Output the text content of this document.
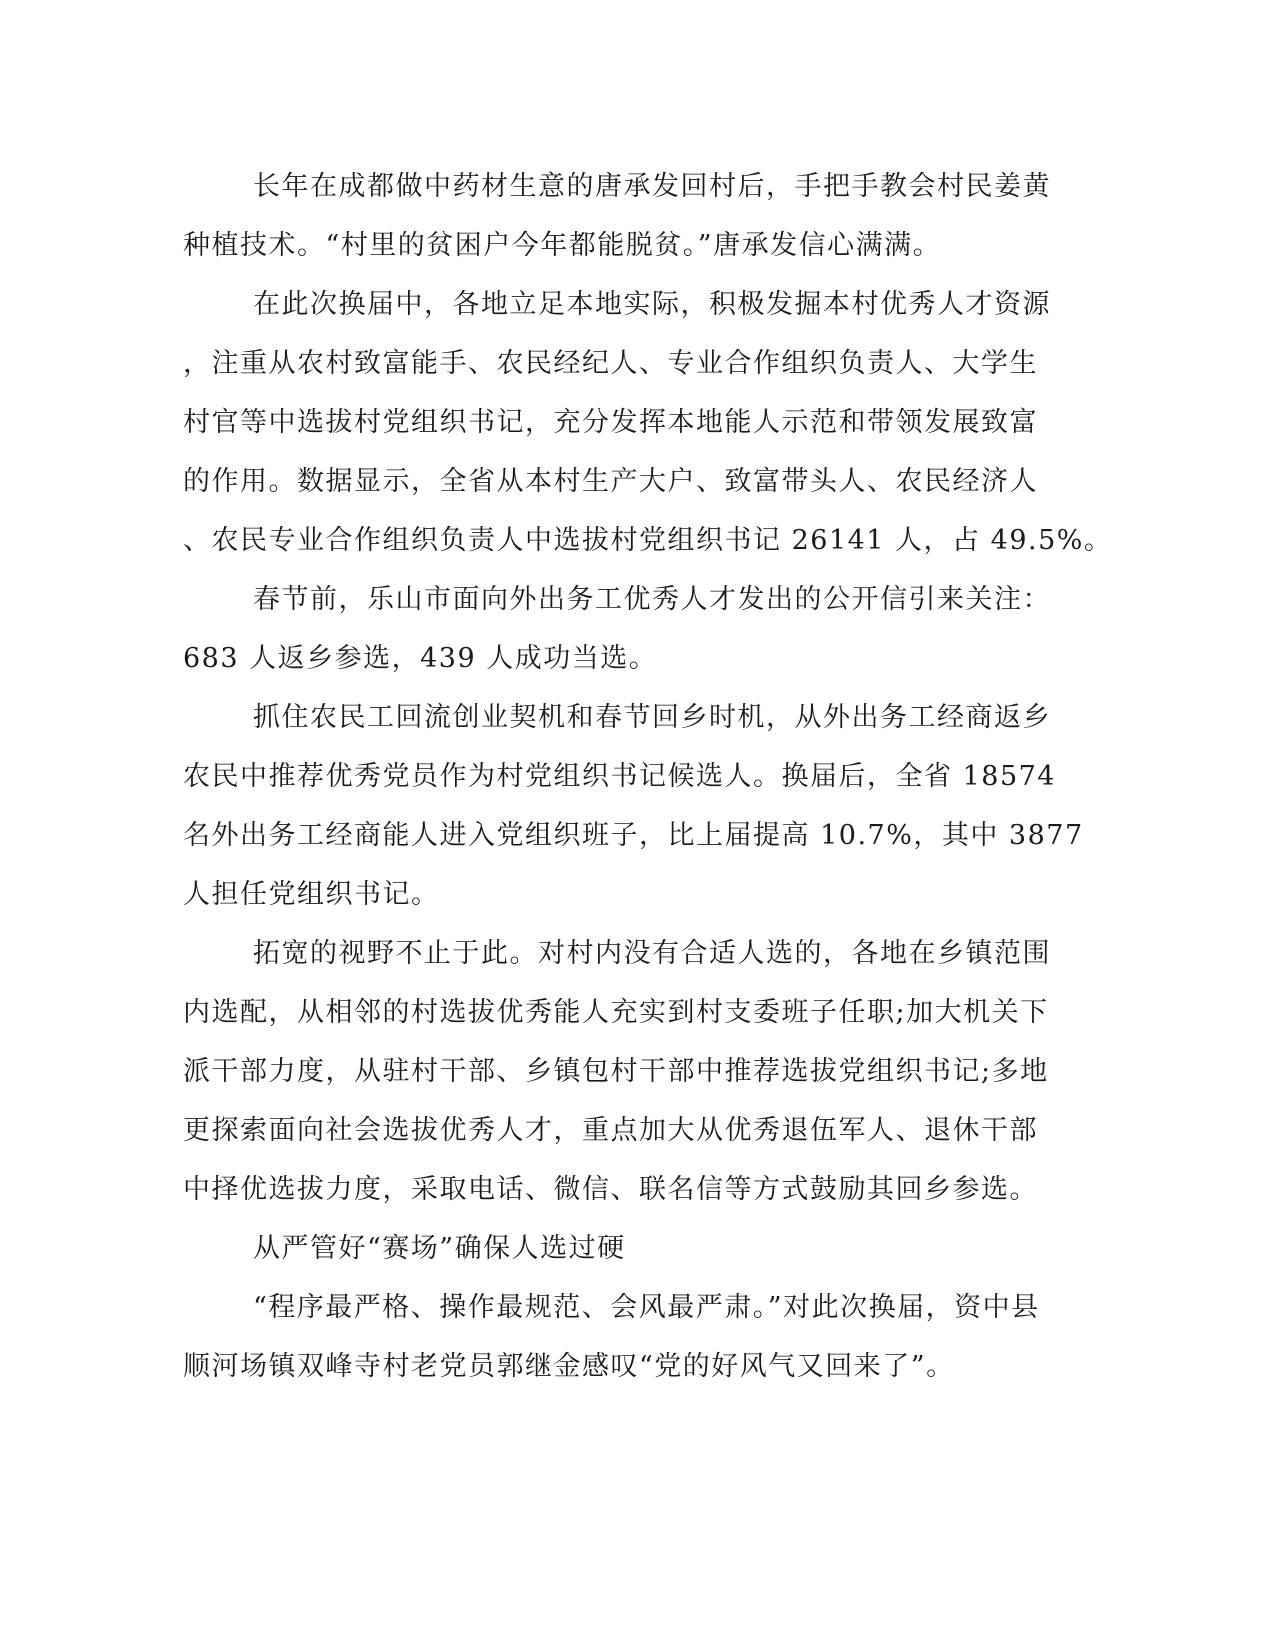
长年在成都做中药材生意的唐承发回村后，手把手教会村民姜黄
种植技术。“村里的贫困户今年都能脱贫。”唐承发信心满满。
在此次换届中，各地立足本地实际，积极发掘本村优秀人才资源
，注重从农村致富能手、农民经纪人、专业合作组织负责人、大学生
村官等中选拔村党组织书记，充分发挥本地能人示范和带领发展致富
的作用。数据显示，全省从本村生产大户、致富带头人、农民经济人
、农民专业合作组织负责人中选拔村党组织书记 26141 人，占 49.5%。
春节前，乐山市面向外出务工优秀人才发出的公开信引来关注：
683 人返乡参选，439 人成功当选。
抓住农民工回流创业契机和春节回乡时机，从外出务工经商返乡
农民中推荐优秀党员作为村党组织书记候选人。换届后，全省 18574
名外出务工经商能人进入党组织班子，比上届提高 10.7%，其中 3877
人担任党组织书记。
拓宽的视野不止于此。对村内没有合适人选的，各地在乡镇范围
内选配，从相邻的村选拔优秀能人充实到村支委班子任职;加大机关下
派干部力度，从驻村干部、乡镇包村干部中推荐选拔党组织书记;多地
更探索面向社会选拔优秀人才，重点加大从优秀退伍军人、退休干部
中择优选拔力度，采取电话、微信、联名信等方式鼓励其回乡参选。
从严管好“赛场”确保人选过硬
“程序最严格、操作最规范、会风最严肃。”对此次换届，资中县
顺河场镇双峰寺村老党员郭继金感叹“党的好风气又回来了”。
